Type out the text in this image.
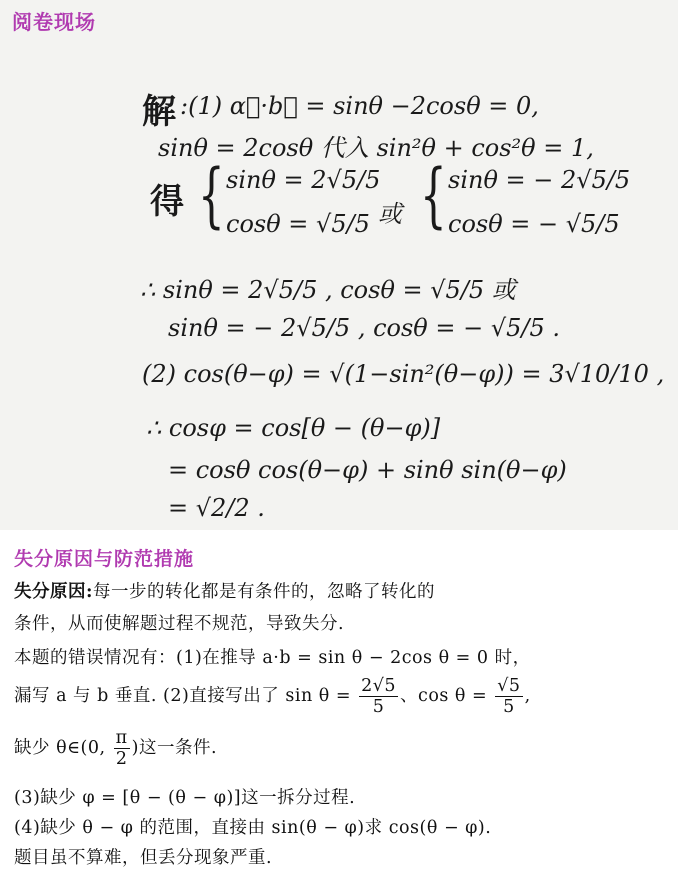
阅卷现场
解 :(1) α⃗·b⃗ = sinθ −2cosθ = 0,
sinθ = 2cosθ 代入 sin²θ + cos²θ = 1,
得 { sinθ = 2√5/5
cosθ = √5/5 或 { sinθ = − 2√5/5
cosθ = − √5/5
∴ sinθ = 2√5/5 , cosθ = √5/5 或
sinθ = − 2√5/5 , cosθ = − √5/5 .
(2) cos(θ−φ) = √(1−sin²(θ−φ)) = 3√10/10 ,
∴ cosφ = cos[θ − (θ−φ)]
= cosθ cos(θ−φ) + sinθ sin(θ−φ)
= √2/2 .
失分原因与防范措施
失分原因:每一步的转化都是有条件的，忽略了转化的
条件，从而使解题过程不规范，导致失分.
本题的错误情况有：(1)在推导 a·b = sin θ − 2cos θ = 0 时，
漏写 a 与 b 垂直. (2)直接写出了 $\sin \theta = \frac{2√5}{5}$ 、$\cos \theta = \frac{√5}{5}$ ,
缺少 θ∈(0, $\frac{\pi}{2}$ )这一条件.
(3)缺少 φ = [θ − (θ − φ)]这一拆分过程.
(4)缺少 θ − φ 的范围，直接由 sin(θ − φ)求 cos(θ − φ).
题目虽不算难，但丢分现象严重.
